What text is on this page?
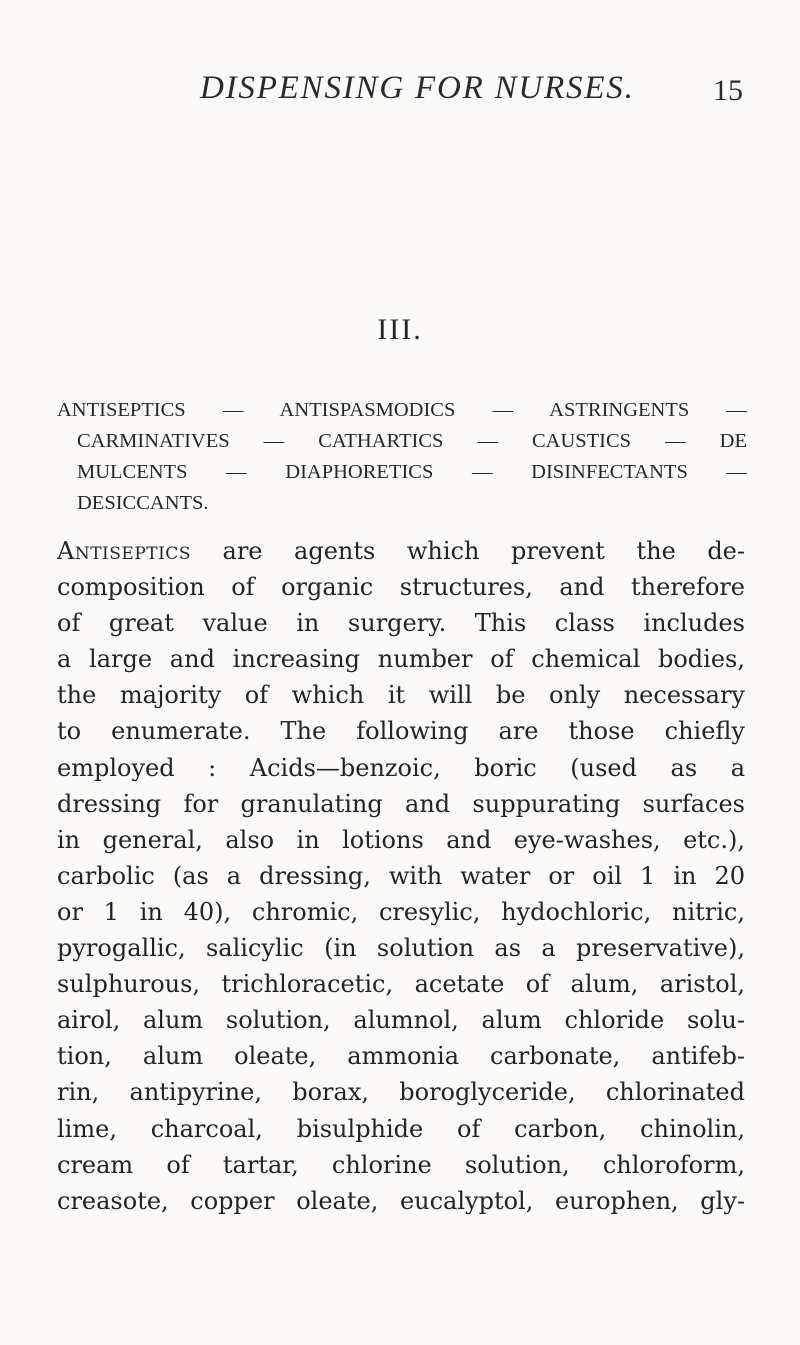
DISPENSING FOR NURSES.	15
III.
ANTISEPTICS — ANTISPASMODICS — ASTRINGENTS —
CARMINATIVES — CATHARTICS — CAUSTICS — DE
MULCENTS — DIAPHORETICS — DISINFECTANTS —
DESICCANTS.
Antiseptics are agents which prevent the de-
composition of organic structures, and therefore
of great value in surgery. This class includes
a large and increasing number of chemical bodies,
the majority of which it will be only necessary
to enumerate. The following are those chiefly
employed : Acids—benzoic, boric (used as a
dressing for granulating and suppurating surfaces
in general, also in lotions and eye-washes, etc.),
carbolic (as a dressing, with water or oil 1 in 20
or 1 in 40), chromic, cresylic, hydochloric, nitric,
pyrogallic, salicylic (in solution as a preservative),
sulphurous, trichloracetic, acetate of alum, aristol,
airol, alum solution, alumnol, alum chloride solu-
tion, alum oleate, ammonia carbonate, antifeb-
rin, antipyrine, borax, boroglyceride, chlorinated
lime, charcoal, bisulphide of carbon, chinolin,
cream of tartar, chlorine solution, chloroform,
creasote, copper oleate, eucalyptol, europhen, gly-
